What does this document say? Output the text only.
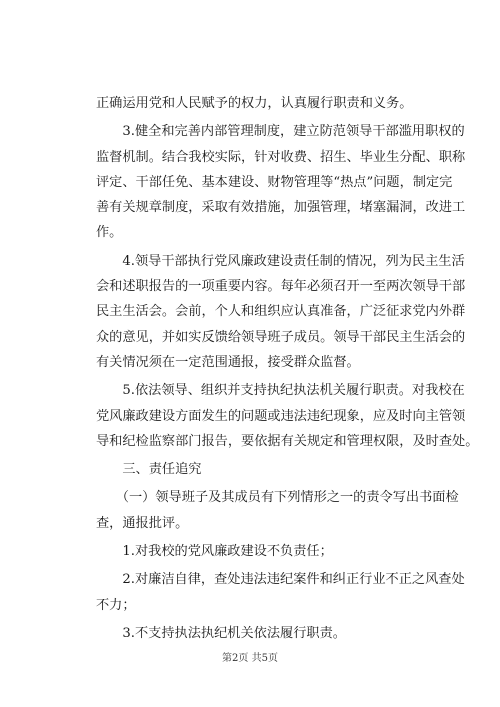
正确运用党和人民赋予的权力，认真履行职责和义务。
　　3.健全和完善内部管理制度，建立防范领导干部滥用职权的
监督机制。结合我校实际，针对收费、招生、毕业生分配、职称
评定、干部任免、基本建设、财物管理等“热点”问题，制定完
善有关规章制度，采取有效措施，加强管理，堵塞漏洞，改进工
作。
　　4.领导干部执行党风廉政建设责任制的情况，列为民主生活
会和述职报告的一项重要内容。每年必须召开一至两次领导干部
民主生活会。会前，个人和组织应认真准备，广泛征求党内外群
众的意见，并如实反馈给领导班子成员。领导干部民主生活会的
有关情况须在一定范围通报，接受群众监督。
　　5.依法领导、组织并支持执纪执法机关履行职责。对我校在
党风廉政建设方面发生的问题或违法违纪现象，应及时向主管领
导和纪检监察部门报告，要依据有关规定和管理权限，及时查处。
　　三、责任追究
　　（一）领导班子及其成员有下列情形之一的责令写出书面检
查，通报批评。
　　1.对我校的党风廉政建设不负责任；
　　2.对廉洁自律，查处违法违纪案件和纠正行业不正之风查处
不力；
　　3.不支持执法执纪机关依法履行职责。
第2页 共5页
